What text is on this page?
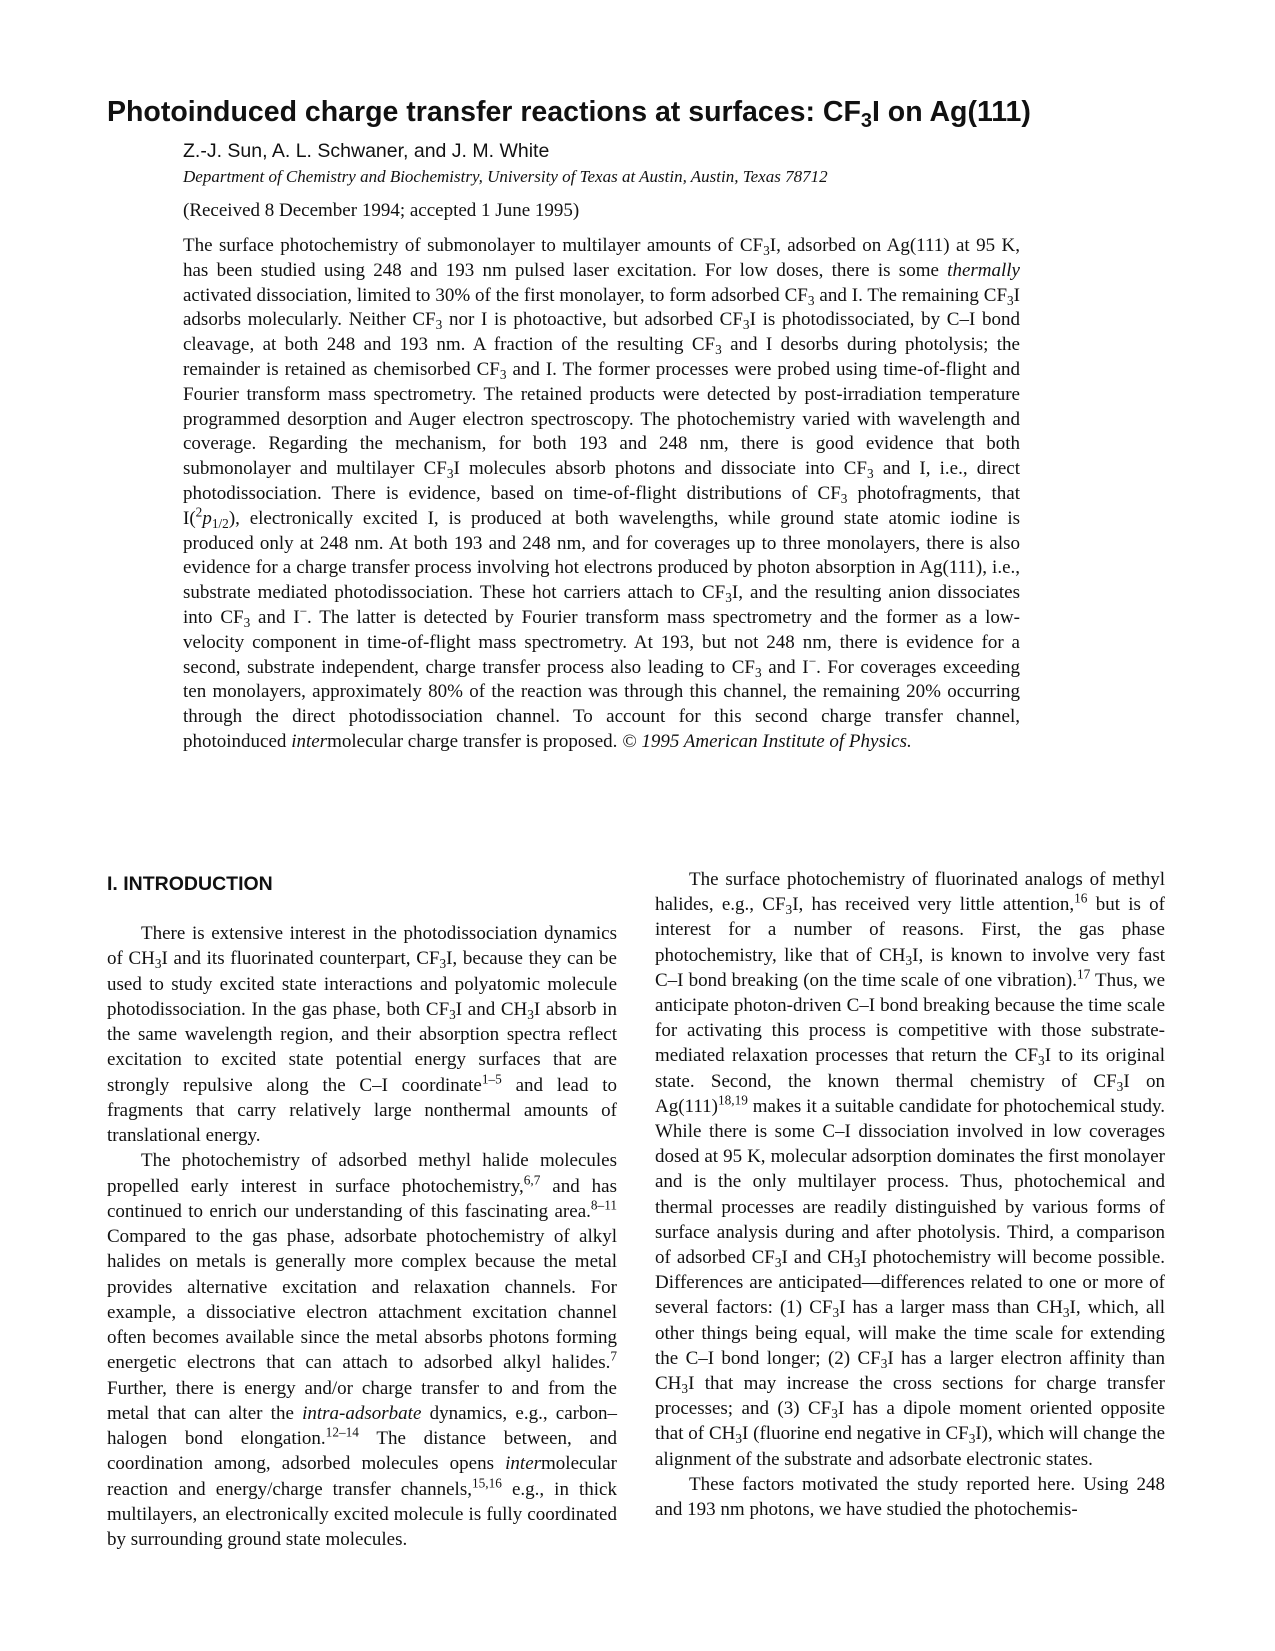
Photoinduced charge transfer reactions at surfaces: $CF_3I$ on Ag(111)
Z.-J. Sun, A. L. Schwaner, and J. M. White
Department of Chemistry and Biochemistry, University of Texas at Austin, Austin, Texas 78712
(Received 8 December 1994; accepted 1 June 1995)

The surface photochemistry of submonolayer to multilayer amounts of $CF_3I$, adsorbed on Ag(111) at 95 K, has been studied using 248 and 193 nm pulsed laser excitation. For low doses, there is some thermally activated dissociation, limited to 30% of the first monolayer, to form adsorbed $CF_3$ and I. The remaining $CF_3I$ adsorbs molecularly. Neither $CF_3$ nor I is photoactive, but adsorbed $CF_3I$ is photodissociated, by C–I bond cleavage, at both 248 and 193 nm. A fraction of the resulting $CF_3$ and I desorbs during photolysis; the remainder is retained as chemisorbed $CF_3$ and I. The former processes were probed using time-of-flight and Fourier transform mass spectrometry. The retained products were detected by post-irradiation temperature programmed desorption and Auger electron spectroscopy. The photochemistry varied with wavelength and coverage. Regarding the mechanism, for both 193 and 248 nm, there is good evidence that both submonolayer and multilayer $CF_3I$ molecules absorb photons and dissociate into $CF_3$ and I, i.e., direct photodissociation. There is evidence, based on time-of-flight distributions of $CF_3$ photofragments, that $I(^2p_{1/2})$, electronically excited I, is produced at both wavelengths, while ground state atomic iodine is produced only at 248 nm. At both 193 and 248 nm, and for coverages up to three monolayers, there is also evidence for a charge transfer process involving hot electrons produced by photon absorption in Ag(111), i.e., substrate mediated photodissociation. These hot carriers attach to $CF_3I$, and the resulting anion dissociates into $CF_3$ and I−. The latter is detected by Fourier transform mass spectrometry and the former as a low-velocity component in time-of-flight mass spectrometry. At 193, but not 248 nm, there is evidence for a second, substrate independent, charge transfer process also leading to $CF_3$ and I−. For coverages exceeding ten monolayers, approximately 80% of the reaction was through this channel, the remaining 20% occurring through the direct photodissociation channel. To account for this second charge transfer channel, photoinduced intermolecular charge transfer is proposed. © 1995 American Institute of Physics.

I. INTRODUCTION

There is extensive interest in the photodissociation dynamics of $CH_3I$ and its fluorinated counterpart, $CF_3I$, because they can be used to study excited state interactions and polyatomic molecule photodissociation. In the gas phase, both $CF_3I$ and $CH_3I$ absorb in the same wavelength region, and their absorption spectra reflect excitation to excited state potential energy surfaces that are strongly repulsive along the C–I coordinate$^{1-5}$ and lead to fragments that carry relatively large nonthermal amounts of translational energy.

The photochemistry of adsorbed methyl halide molecules propelled early interest in surface photochemistry,$^{6,7}$ and has continued to enrich our understanding of this fascinating area.$^{8-11}$ Compared to the gas phase, adsorbate photochemistry of alkyl halides on metals is generally more complex because the metal provides alternative excitation and relaxation channels. For example, a dissociative electron attachment excitation channel often becomes available since the metal absorbs photons forming energetic electrons that can attach to adsorbed alkyl halides.$^7$ Further, there is energy and/or charge transfer to and from the metal that can alter the intra-adsorbate dynamics, e.g., carbon–halogen bond elongation.$^{12-14}$ The distance between, and coordination among, adsorbed molecules opens intermolecular reaction and energy/charge transfer channels,$^{15,16}$ e.g., in thick multilayers, an electronically excited molecule is fully coordinated by surrounding ground state molecules.

The surface photochemistry of fluorinated analogs of methyl halides, e.g., $CF_3I$, has received very little attention,$^{16}$ but is of interest for a number of reasons. First, the gas phase photochemistry, like that of $CH_3I$, is known to involve very fast C–I bond breaking (on the time scale of one vibration).$^{17}$ Thus, we anticipate photon-driven C–I bond breaking because the time scale for activating this process is competitive with those substrate-mediated relaxation processes that return the $CF_3I$ to its original state. Second, the known thermal chemistry of $CF_3I$ on $Ag(111)^{18,19}$ makes it a suitable candidate for photochemical study. While there is some C–I dissociation involved in low coverages dosed at 95 K, molecular adsorption dominates the first monolayer and is the only multilayer process. Thus, photochemical and thermal processes are readily distinguished by various forms of surface analysis during and after photolysis. Third, a comparison of adsorbed $CF_3I$ and $CH_3I$ photochemistry will become possible. Differences are anticipated—differences related to one or more of several factors: (1) $CF_3I$ has a larger mass than $CH_3I$, which, all other things being equal, will make the time scale for extending the C–I bond longer; (2) $CF_3I$ has a larger electron affinity than $CH_3I$ that may increase the cross sections for charge transfer processes; and (3) $CF_3I$ has a dipole moment oriented opposite that of $CH_3I$ (fluorine end negative in $CF_3I$), which will change the alignment of the substrate and adsorbate electronic states.

These factors motivated the study reported here. Using 248 and 193 nm photons, we have studied the photochemis-
